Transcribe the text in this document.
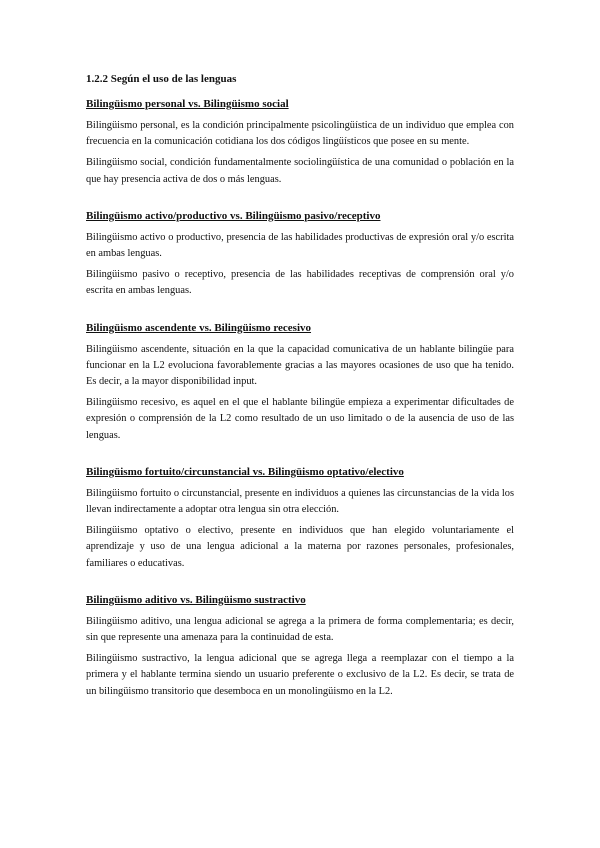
1.2.2 Según el uso de las lenguas
Bilingüismo personal vs. Bilingüismo social

Bilingüismo personal, es la condición principalmente psicolingüística de un individuo que emplea con frecuencia en la comunicación cotidiana los dos códigos lingüísticos que posee en su mente.

Bilingüismo social, condición fundamentalmente sociolingüística de una comunidad o población en la que hay presencia activa de dos o más lenguas.

Bilingüismo activo/productivo vs. Bilingüismo pasivo/receptivo

Bilingüismo activo o productivo, presencia de las habilidades productivas de expresión oral y/o escrita en ambas lenguas.

Bilingüismo pasivo o receptivo, presencia de las habilidades receptivas de comprensión oral y/o escrita en ambas lenguas.

Bilingüismo ascendente vs. Bilingüismo recesivo

Bilingüismo ascendente, situación en la que la capacidad comunicativa de un hablante bilingüe para funcionar en la L2 evoluciona favorablemente gracias a las mayores ocasiones de uso que ha tenido. Es decir, a la mayor disponibilidad input.

Bilingüismo recesivo, es aquel en el que el hablante bilingüe empieza a experimentar dificultades de expresión o comprensión de la L2 como resultado de un uso limitado o de la ausencia de uso de las lenguas.

Bilingüismo fortuito/circunstancial vs. Bilingüismo optativo/electivo

Bilingüismo fortuito o circunstancial, presente en individuos a quienes las circunstancias de la vida los llevan indirectamente a adoptar otra lengua sin otra elección.

Bilingüismo optativo o electivo, presente en individuos que han elegido voluntariamente el aprendizaje y uso de una lengua adicional a la materna por razones personales, profesionales, familiares o educativas.

Bilingüismo aditivo vs. Bilingüismo sustractivo

Bilingüismo aditivo, una lengua adicional se agrega a la primera de forma complementaria; es decir, sin que represente una amenaza para la continuidad de esta.

Bilingüismo sustractivo, la lengua adicional que se agrega llega a reemplazar con el tiempo a la primera y el hablante termina siendo un usuario preferente o exclusivo de la L2. Es decir, se trata de un bilingüismo transitorio que desemboca en un monolingüismo en la L2.
